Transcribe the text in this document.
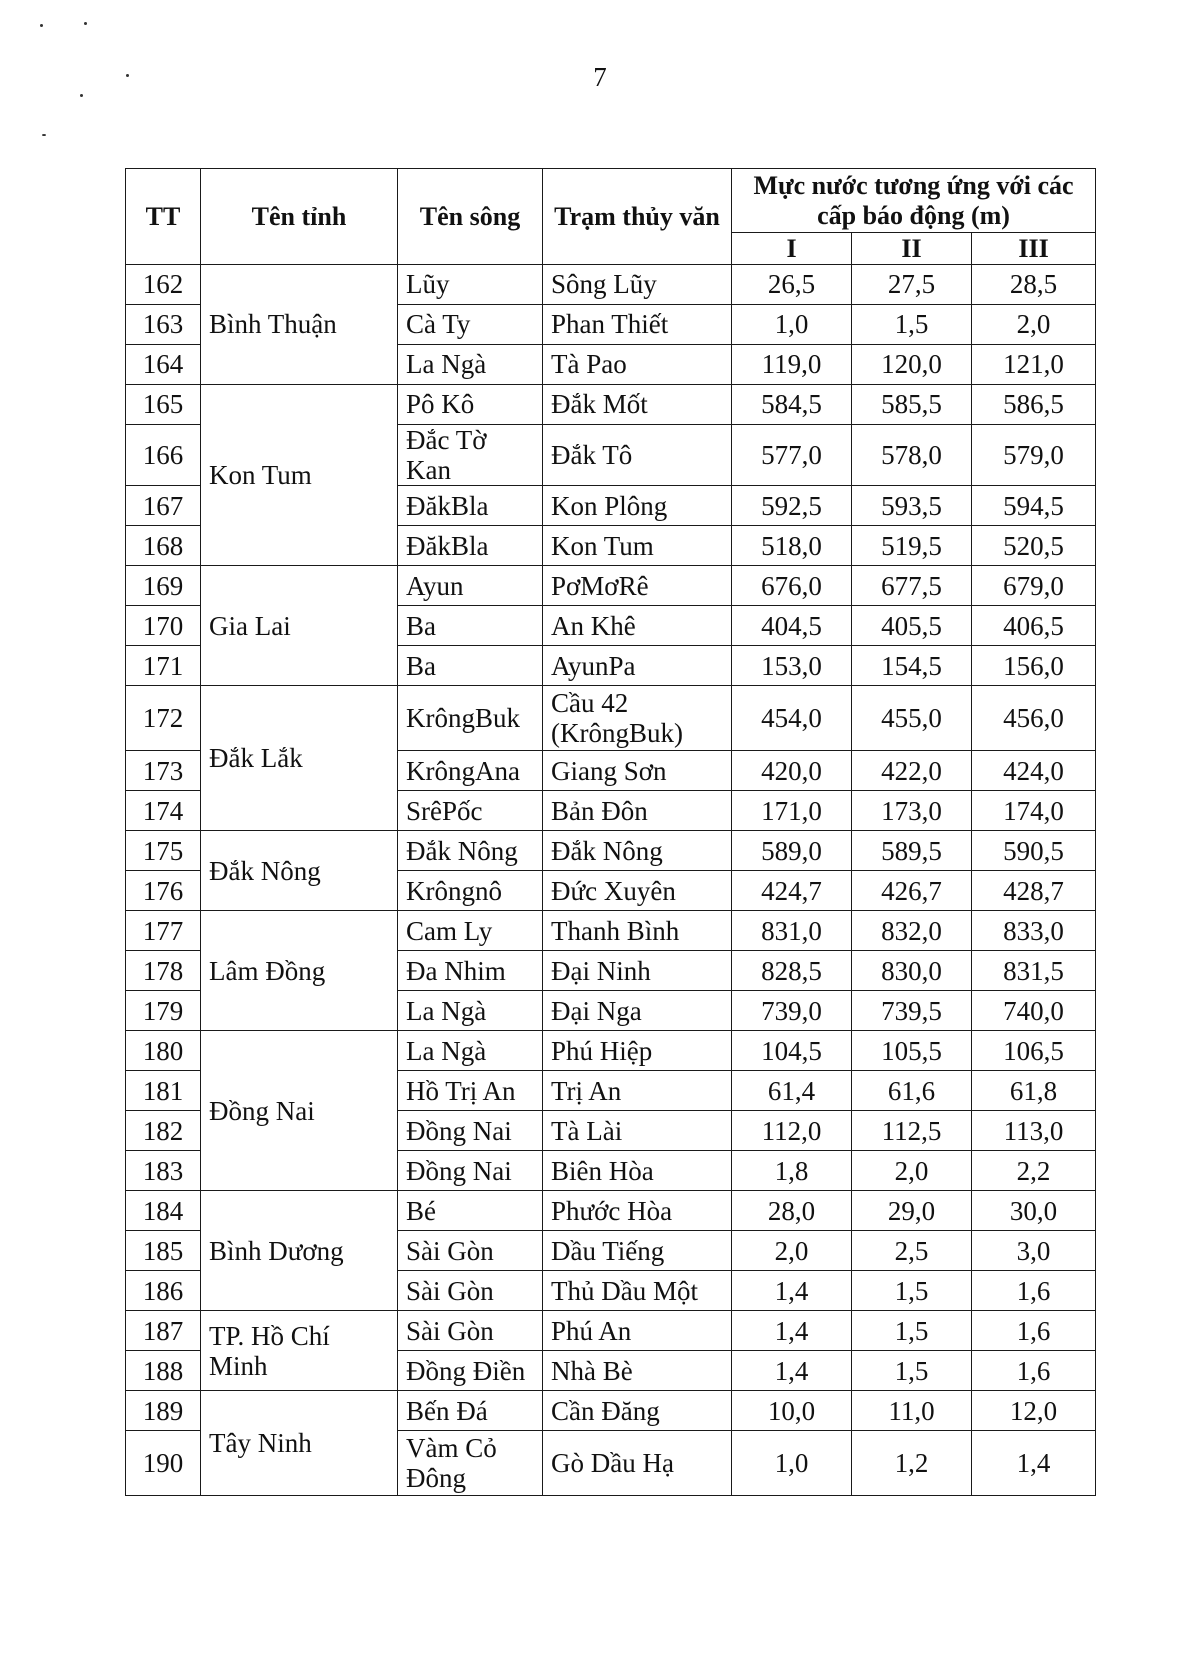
7
TT	Tên tỉnh	Tên sông	Trạm thủy văn	Mực nước tương ứng với các cấp báo động (m)		
				I	II	III
162	Bình Thuận	Lũy	Sông Lũy	26,5	27,5	28,5
163		Cà Ty	Phan Thiết	1,0	1,5	2,0
164		La Ngà	Tà Pao	119,0	120,0	121,0
165	Kon Tum	Pô Kô	Đắk Mốt	584,5	585,5	586,5
166		Đắc Tờ Kan	Đắk Tô	577,0	578,0	579,0
167		ĐăkBla	Kon Plông	592,5	593,5	594,5
168		ĐăkBla	Kon Tum	518,0	519,5	520,5
169	Gia Lai	Ayun	PơMơRê	676,0	677,5	679,0
170		Ba	An Khê	404,5	405,5	406,5
171		Ba	AyunPa	153,0	154,5	156,0
172	Đắk Lắk	KrôngBuk	Cầu 42 (KrôngBuk)	454,0	455,0	456,0
173		KrôngAna	Giang Sơn	420,0	422,0	424,0
174		SrêPốc	Bản Đôn	171,0	173,0	174,0
175	Đắk Nông	Đắk Nông	Đắk Nông	589,0	589,5	590,5
176		Krôngnô	Đức Xuyên	424,7	426,7	428,7
177	Lâm Đồng	Cam Ly	Thanh Bình	831,0	832,0	833,0
178		Đa Nhim	Đại Ninh	828,5	830,0	831,5
179		La Ngà	Đại Nga	739,0	739,5	740,0
180	Đồng Nai	La Ngà	Phú Hiệp	104,5	105,5	106,5
181		Hồ Trị An	Trị An	61,4	61,6	61,8
182		Đồng Nai	Tà Lài	112,0	112,5	113,0
183		Đồng Nai	Biên Hòa	1,8	2,0	2,2
184	Bình Dương	Bé	Phước Hòa	28,0	29,0	30,0
185		Sài Gòn	Dầu Tiếng	2,0	2,5	3,0
186		Sài Gòn	Thủ Dầu Một	1,4	1,5	1,6
187	TP. Hồ Chí Minh	Sài Gòn	Phú An	1,4	1,5	1,6
188		Đồng Điền	Nhà Bè	1,4	1,5	1,6
189	Tây Ninh	Bến Đá	Cần Đăng	10,0	11,0	12,0
190		Vàm Cỏ Đông	Gò Dầu Hạ	1,0	1,2	1,4
